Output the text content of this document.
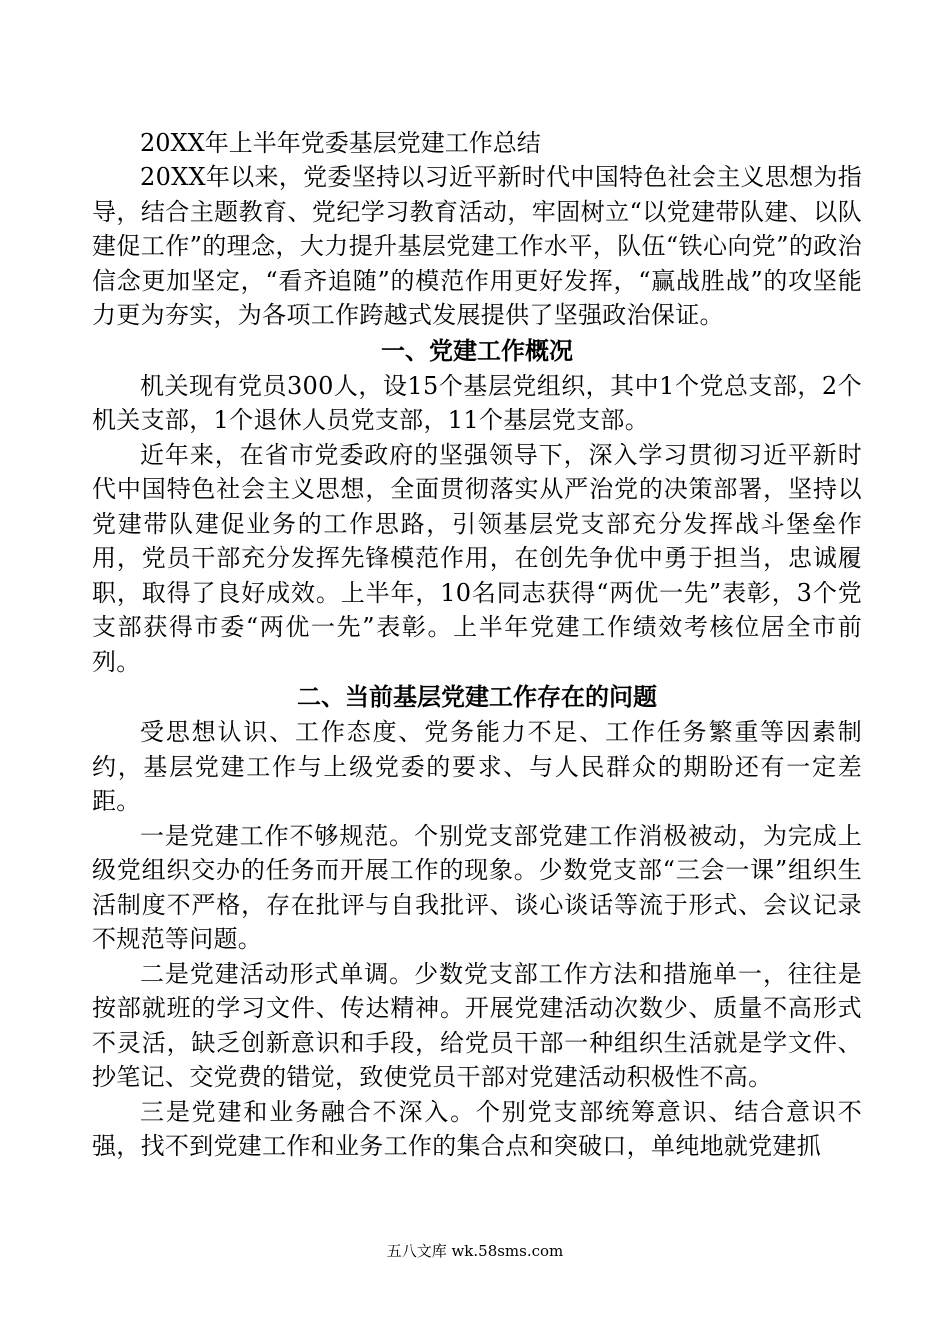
20XX年上半年党委基层党建工作总结

20XX年以来，党委坚持以习近平新时代中国特色社会主义思想为指导，结合主题教育、党纪学习教育活动，牢固树立“以党建带队建、以队建促工作”的理念，大力提升基层党建工作水平，队伍“铁心向党”的政治信念更加坚定，“看齐追随”的模范作用更好发挥，“赢战胜战”的攻坚能力更为夯实，为各项工作跨越式发展提供了坚强政治保证。

一、党建工作概况

机关现有党员300人，设15个基层党组织，其中1个党总支部，2个机关支部，1个退休人员党支部，11个基层党支部。

近年来，在省市党委政府的坚强领导下，深入学习贯彻习近平新时代中国特色社会主义思想，全面贯彻落实从严治党的决策部署，坚持以党建带队建促业务的工作思路，引领基层党支部充分发挥战斗堡垒作用，党员干部充分发挥先锋模范作用，在创先争优中勇于担当，忠诚履职，取得了良好成效。上半年，10名同志获得“两优一先”表彰，3个党支部获得市委“两优一先”表彰。上半年党建工作绩效考核位居全市前列。

二、当前基层党建工作存在的问题

受思想认识、工作态度、党务能力不足、工作任务繁重等因素制约，基层党建工作与上级党委的要求、与人民群众的期盼还有一定差距。

一是党建工作不够规范。个别党支部党建工作消极被动，为完成上级党组织交办的任务而开展工作的现象。少数党支部“三会一课”组织生活制度不严格，存在批评与自我批评、谈心谈话等流于形式、会议记录不规范等问题。

二是党建活动形式单调。少数党支部工作方法和措施单一，往往是按部就班的学习文件、传达精神。开展党建活动次数少、质量不高形式不灵活，缺乏创新意识和手段，给党员干部一种组织生活就是学文件、抄笔记、交党费的错觉，致使党员干部对党建活动积极性不高。

三是党建和业务融合不深入。个别党支部统筹意识、结合意识不强，找不到党建工作和业务工作的集合点和突破口，单纯地就党建抓

五八文库 wk.58sms.com
